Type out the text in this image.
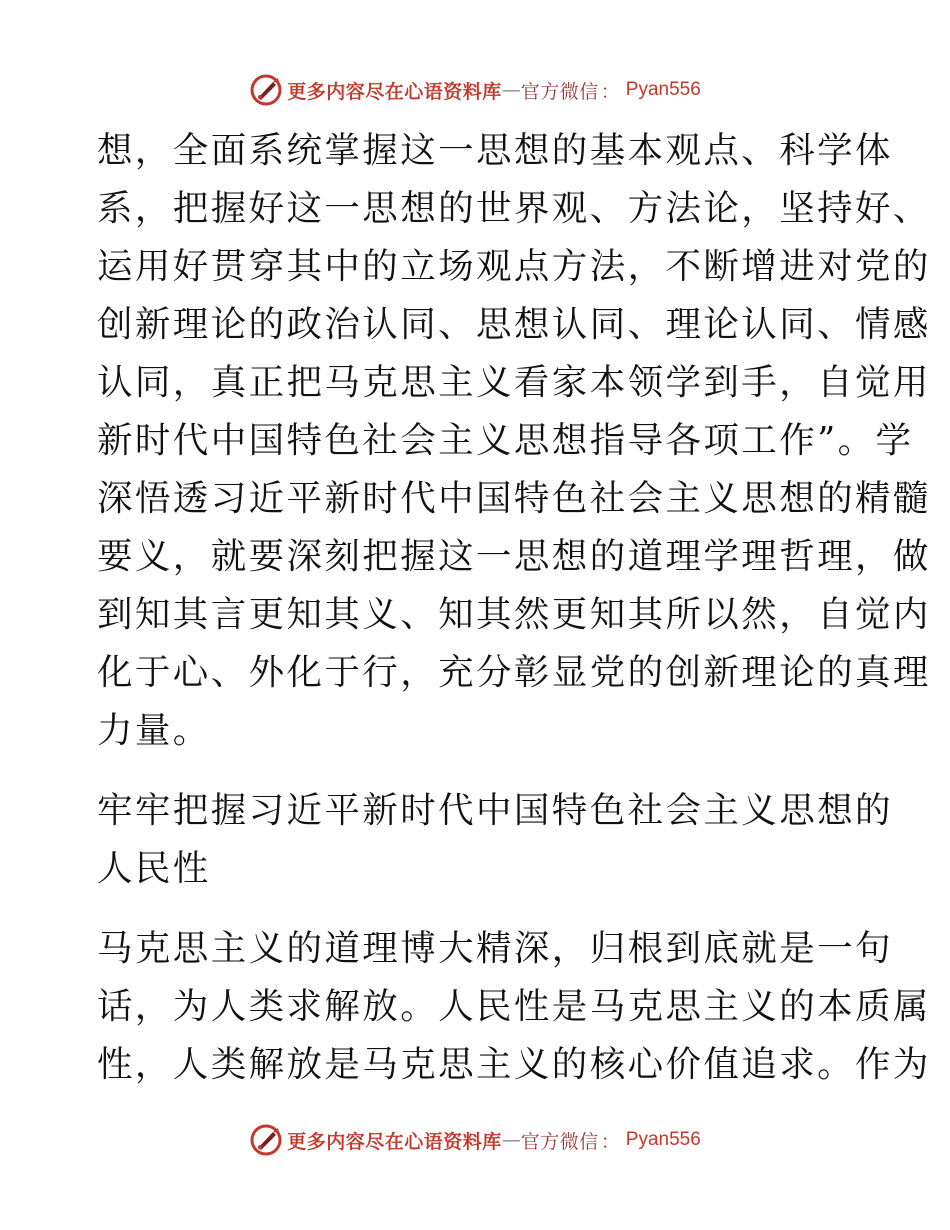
更多内容尽在心语资料库 — 官方微信 ： Pyan556

想，全面系统掌握这一思想的基本观点、科学体

系，把握好这一思想的世界观、方法论，坚持好、

运用好贯穿其中的立场观点方法，不断增进对党的

创新理论的政治认同、思想认同、理论认同、情感

认同，真正把马克思主义看家本领学到手，自觉用

新时代中国特色社会主义思想指导各项工作”。学

深悟透习近平新时代中国特色社会主义思想的精髓

要义，就要深刻把握这一思想的道理学理哲理，做

到知其言更知其义、知其然更知其所以然，自觉内

化于心、外化于行，充分彰显党的创新理论的真理

力量。

牢牢把握习近平新时代中国特色社会主义思想的

人民性

马克思主义的道理博大精深，归根到底就是一句

话，为人类求解放。人民性是马克思主义的本质属

性，人类解放是马克思主义的核心价值追求。作为

更多内容尽在心语资料库 — 官方微信 ： Pyan556
